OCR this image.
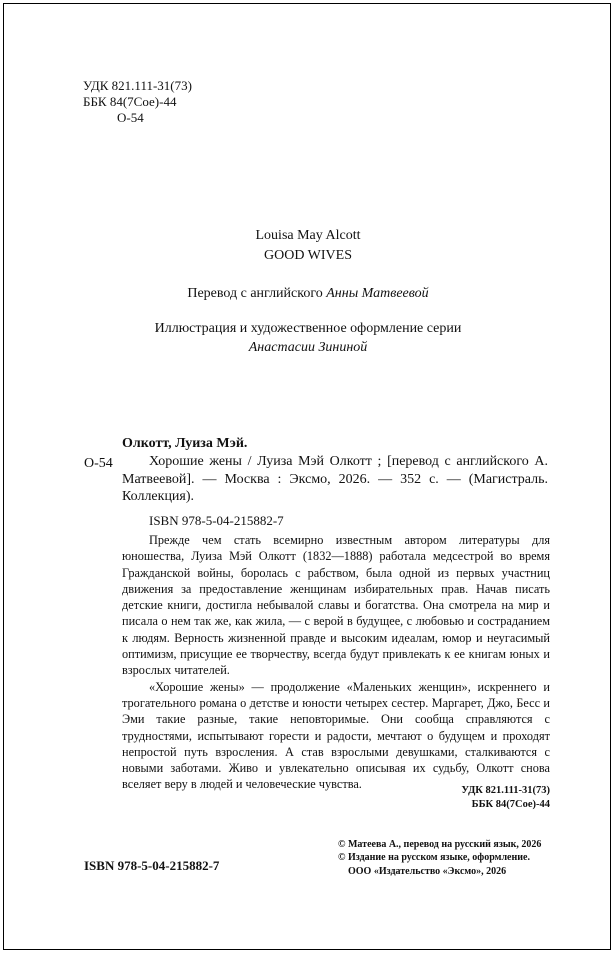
УДК 821.111-31(73)
ББК 84(7Сое)-44
О-54
Louisa May Alcott
GOOD WIVES
Перевод с английского Анны Матвеевой
Иллюстрация и художественное оформление серии
Анастасии Зининой
Олкотт, Луиза Мэй.
О-54	Хорошие жены / Луиза Мэй Олкотт ; [перевод с английского А. Матвеевой]. — Москва : Эксмо, 2026. — 352 с. — (Магистраль. Коллекция).
ISBN 978-5-04-215882-7

Прежде чем стать всемирно известным автором литературы для юношества, Луиза Мэй Олкотт (1832—1888) работала медсестрой во время Гражданской войны, боролась с рабством, была одной из первых участниц движения за предоставление женщинам избирательных прав. Начав писать детские книги, достигла небывалой славы и богатства. Она смотрела на мир и писала о нем так же, как жила, — с верой в будущее, с любовью и состраданием к людям. Верность жизненной правде и высоким идеалам, юмор и неугасимый оптимизм, присущие ее творчеству, всегда будут привлекать к ее книгам юных и взрослых читателей.

«Хорошие жены» — продолжение «Маленьких женщин», искреннего и трогательного романа о детстве и юности четырех сестер. Маргарет, Джо, Бесс и Эми такие разные, такие неповторимые. Они сообща справляются с трудностями, испытывают горести и радости, мечтают о будущем и проходят непростой путь взросления. А став взрослыми девушками, сталкиваются с новыми заботами. Живо и увлекательно описывая их судьбу, Олкотт снова вселяет веру в людей и человеческие чувства.	УДК 821.111-31(73)
ББК 84(7Сое)-44
ISBN 978-5-04-215882-7
© Матеева А., перевод на русский язык, 2026
© Издание на русском языке, оформление.
ООО «Издательство «Эксмо», 2026
